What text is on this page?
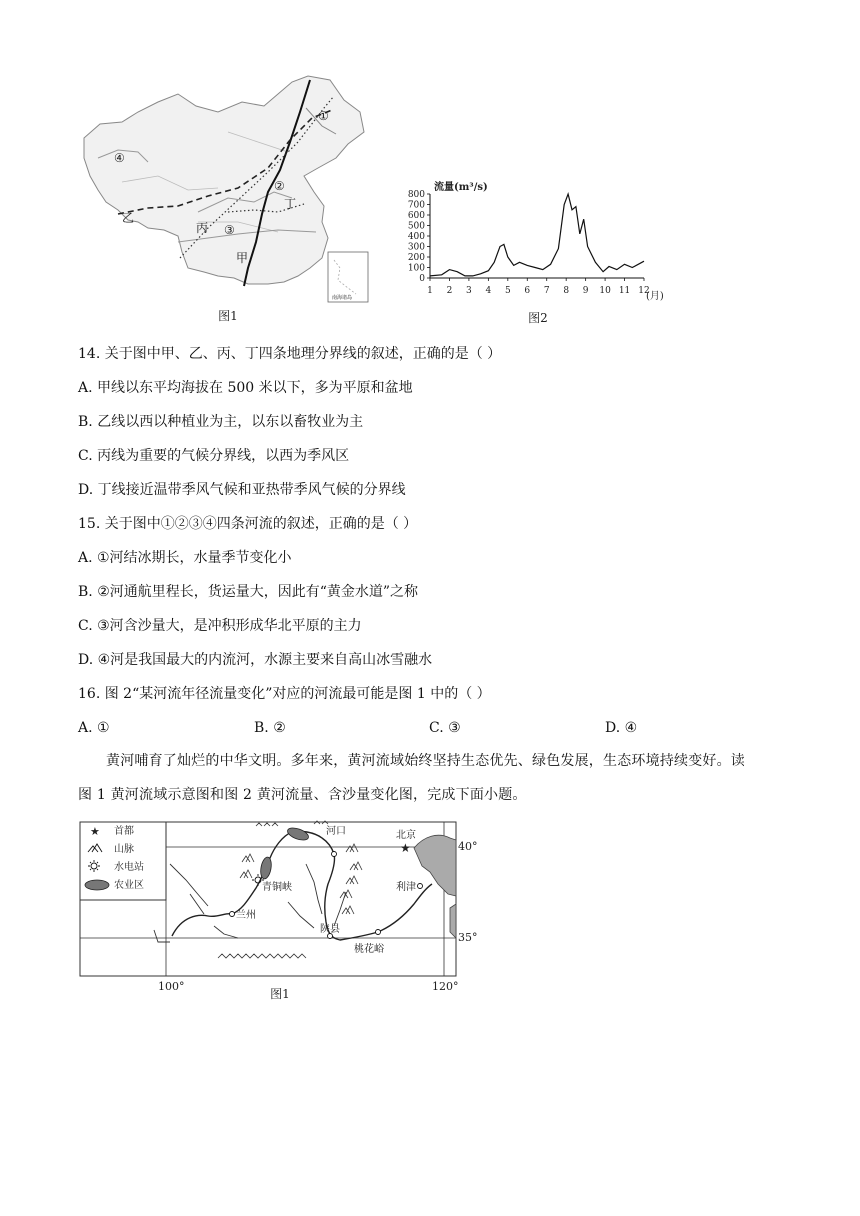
①
②
③
④
甲
乙
丙
丁
南海诸岛
图1
流量(m³/s)
0
100
200
300
400
500
600
700
800
1 2 3 4 5 6 7 8 9 10 11 12
(月)
图2
14. 关于图中甲、乙、丙、丁四条地理分界线的叙述，正确的是（ ）
A. 甲线以东平均海拔在 500 米以下，多为平原和盆地
B. 乙线以西以种植业为主，以东以畜牧业为主
C. 丙线为重要的气候分界线，以西为季风区
D. 丁线接近温带季风气候和亚热带季风气候的分界线
15. 关于图中①②③④四条河流的叙述，正确的是（ ）
A. ①河结冰期长，水量季节变化小
B. ②河通航里程长，货运量大，因此有“黄金水道”之称
C. ③河含沙量大，是冲积形成华北平原的主力
D. ④河是我国最大的内流河，水源主要来自高山冰雪融水
16. 图 2“某河流年径流量变化”对应的河流最可能是图 1 中的（ ）
A. ①	B. ②	C. ③	D. ④
黄河哺育了灿烂的中华文明。多年来，黄河流域始终坚持生态优先、绿色发展，生态环境持续变好。读
图 1 黄河流域示意图和图 2 黄河流量、含沙量变化图，完成下面小题。
★ 首都
山脉
水电站
农业区
★
河口	北京
青铜峡
兰州
利津
陕县
桃花峪
40°
35°
100°	120°
图1
